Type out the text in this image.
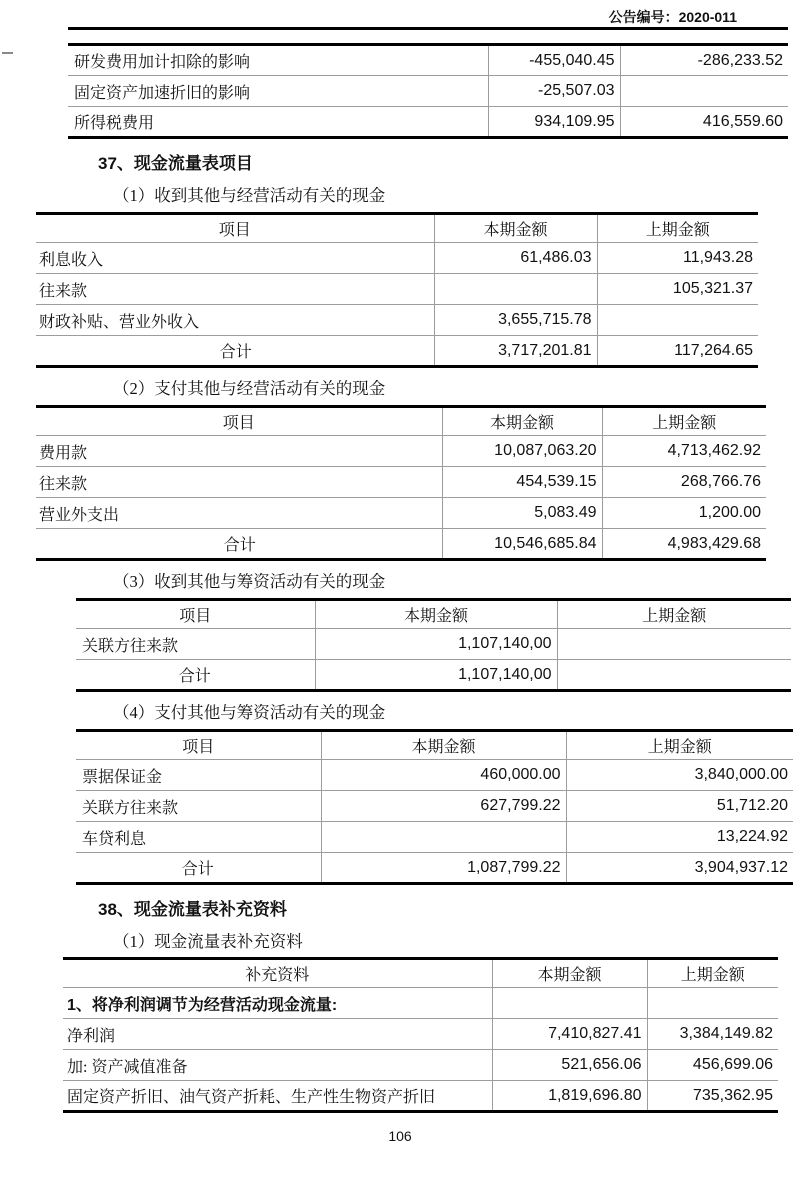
公告编号：2020-011
研发费用加计扣除的影响	-455,040.45	-286,233.52
固定资产加速折旧的影响	-25,507.03	
所得税费用	934,109.95	416,559.60
37、现金流量表项目
（1）收到其他与经营活动有关的现金
项目	本期金额	上期金额
利息收入	61,486.03	11,943.28
往来款		105,321.37
财政补贴、营业外收入	3,655,715.78	
合计	3,717,201.81	117,264.65
（2）支付其他与经营活动有关的现金
项目	本期金额	上期金额
费用款	10,087,063.20	4,713,462.92
往来款	454,539.15	268,766.76
营业外支出	5,083.49	1,200.00
合计	10,546,685.84	4,983,429.68
（3）收到其他与筹资活动有关的现金
项目	本期金额	上期金额
关联方往来款	1,107,140,00	
合计	1,107,140,00	
（4）支付其他与筹资活动有关的现金
项目	本期金额	上期金额
票据保证金	460,000.00	3,840,000.00
关联方往来款	627,799.22	51,712.20
车贷利息		13,224.92
合计	1,087,799.22	3,904,937.12
38、现金流量表补充资料
（1）现金流量表补充资料
补充资料	本期金额	上期金额
1、将净利润调节为经营活动现金流量:		
净利润	7,410,827.41	3,384,149.82
加: 资产减值准备	521,656.06	456,699.06
固定资产折旧、油气资产折耗、生产性生物资产折旧	1,819,696.80	735,362.95
106
